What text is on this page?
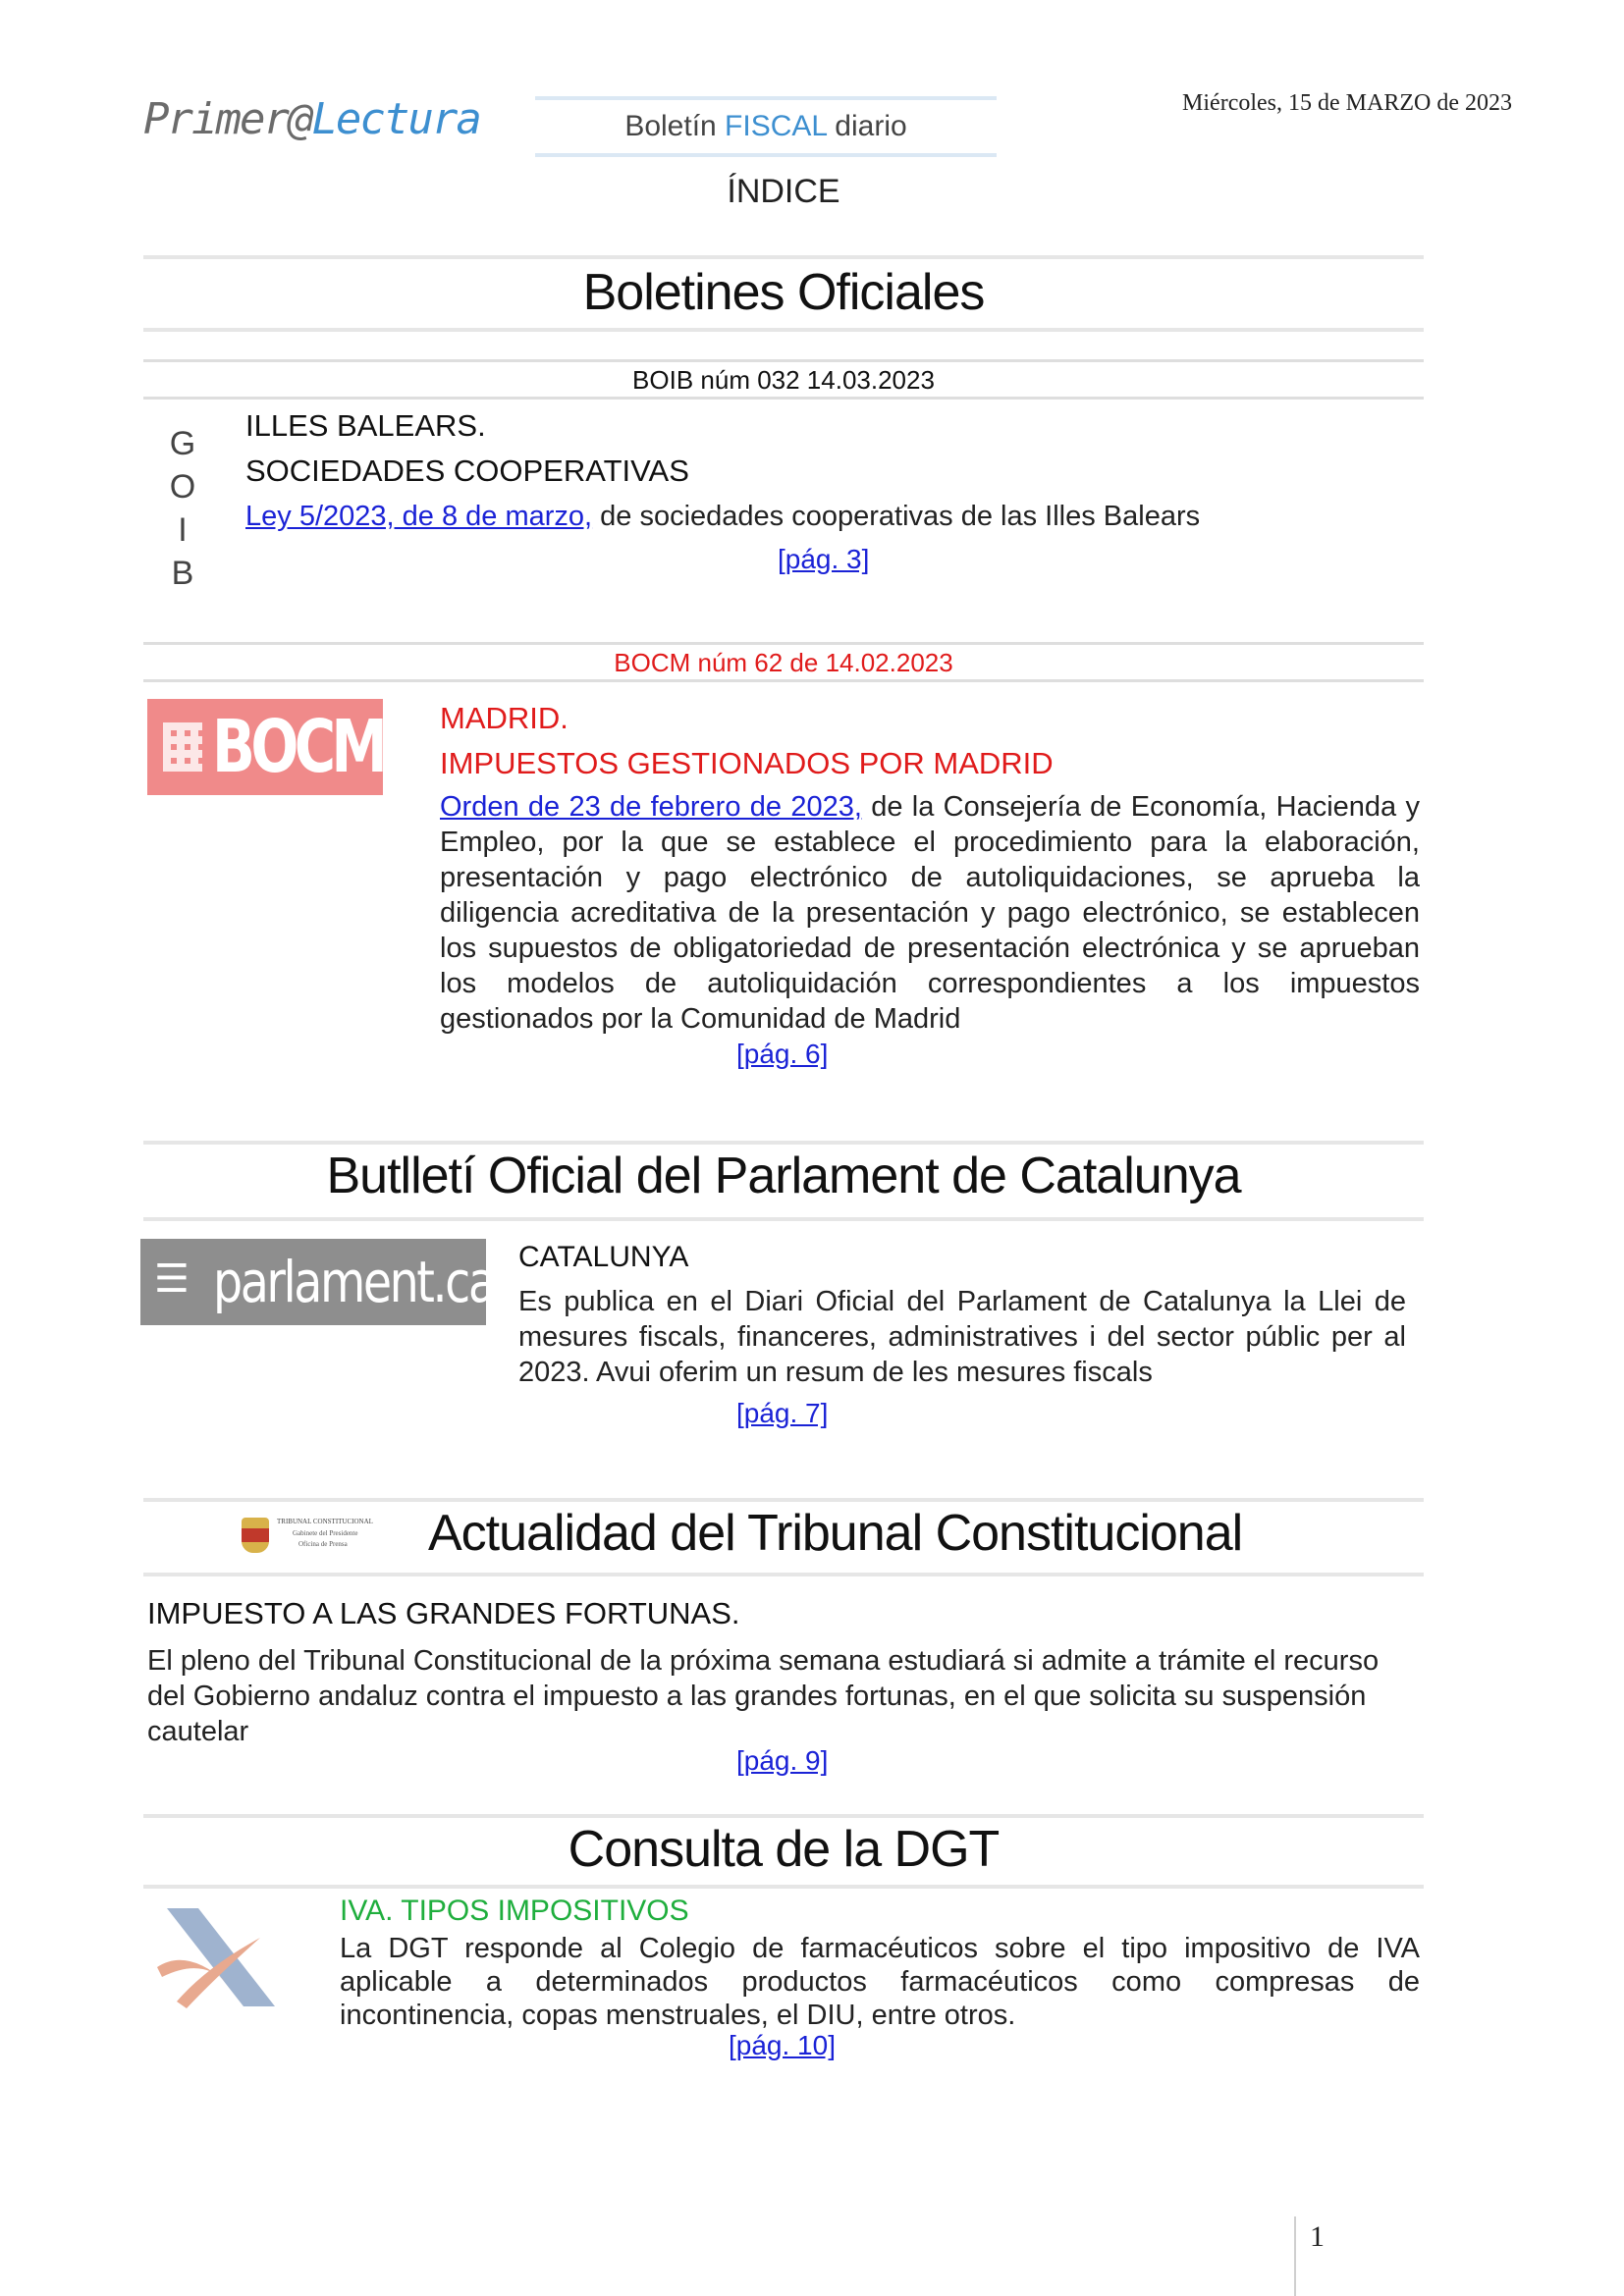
Primer@Lectura	Boletín FISCAL diario
Miércoles, 15 de MARZO de 2023
ÍNDICE
Boletines Oficiales
BOIB núm 032 14.03.2023
G
O
I
B
ILLES BALEARS.
SOCIEDADES COOPERATIVAS
Ley 5/2023, de 8 de marzo, de sociedades cooperativas de las Illes Balears
[pág. 3]
BOCM núm 62 de 14.02.2023
BOCM MADRID.
IMPUESTOS GESTIONADOS POR MADRID
Orden de 23 de febrero de 2023, de la Consejería de Economía, Hacienda y Empleo, por la que se establece el procedimiento para la elaboración, presentación y pago electrónico de autoliquidaciones, se aprueba la diligencia acreditativa de la presentación y pago electrónico, se establecen los supuestos de obligatoriedad de presentación electrónica y se aprueban los modelos de autoliquidación correspondientes a los impuestos gestionados por la Comunidad de Madrid
[pág. 6]
Butlletí Oficial del Parlament de Catalunya
☰ parlament.cat CATALUNYA
Es publica en el Diari Oficial del Parlament de Catalunya la Llei de mesures fiscals, financeres, administratives i del sector públic per al 2023. Avui oferim un resum de les mesures fiscals
[pág. 7]
TRIBUNAL CONSTITUCIONAL
Gabinete del Presidente
Oficina de Prensa Actualidad del Tribunal Constitucional
IMPUESTO A LAS GRANDES FORTUNAS.
El pleno del Tribunal Constitucional de la próxima semana estudiará si admite a trámite el recurso del Gobierno andaluz contra el impuesto a las grandes fortunas, en el que solicita su suspensión cautelar
[pág. 9]
Consulta de la DGT
IVA. TIPOS IMPOSITIVOS
La DGT responde al Colegio de farmacéuticos sobre el tipo impositivo de IVA aplicable a determinados productos farmacéuticos como compresas de incontinencia, copas menstruales, el DIU, entre otros.
[pág. 10]
1
